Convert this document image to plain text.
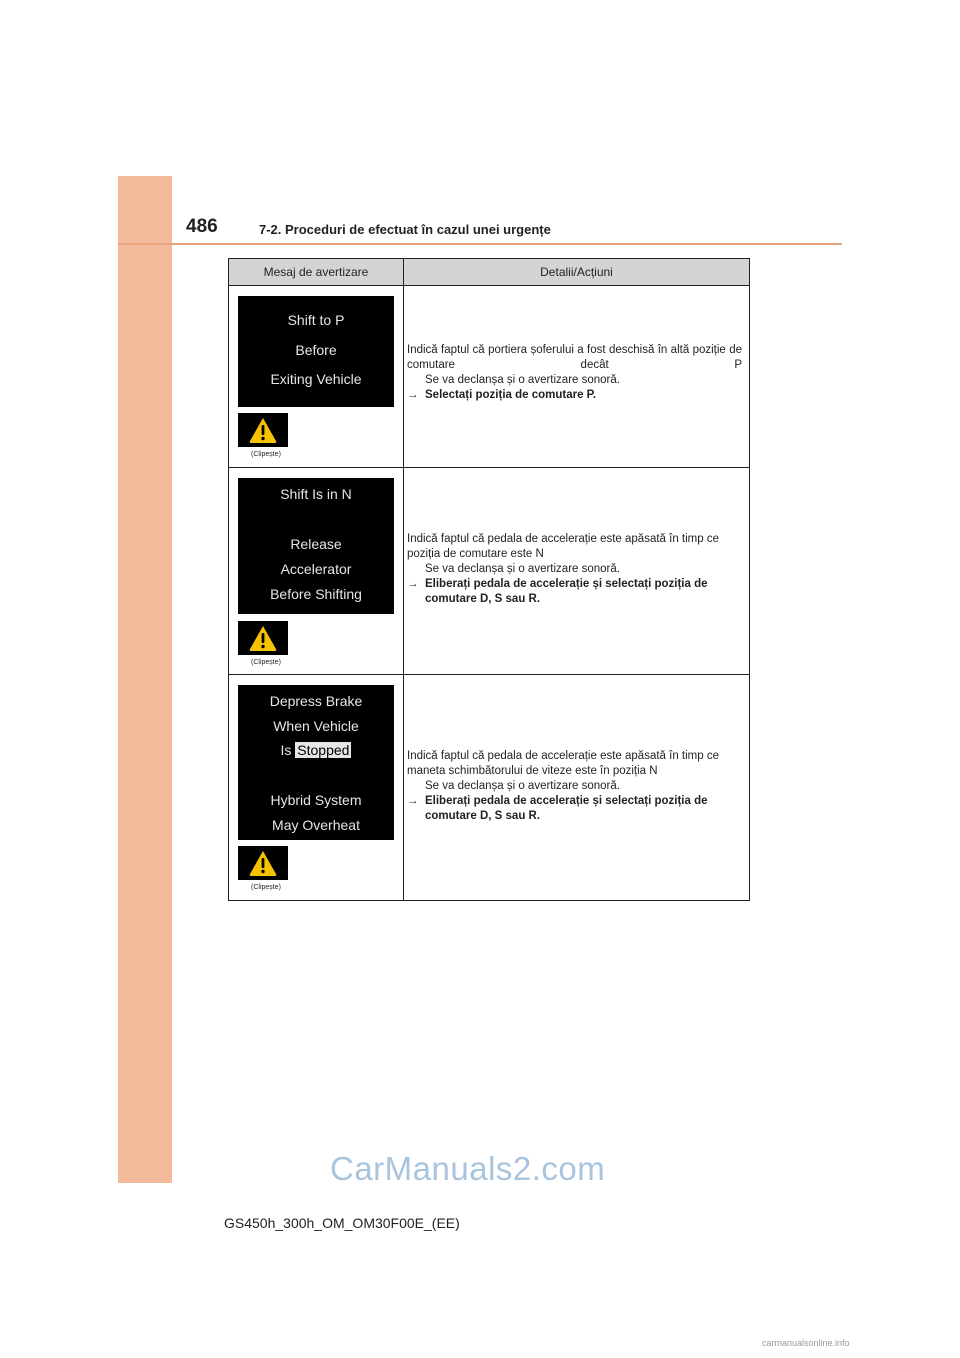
486	7-2. Proceduri de efectuat în cazul unei urgențe
Mesaj de avertizare	Detalii/Acțiuni
Shift to P
Before
Exiting Vehicle
(Clipește)

Indică faptul că portiera șoferului a fost deschisă în altă poziție de comutare decât P

Se va declanșa și o avertizare sonoră.

→ Selectați poziția de comutare P.

Shift Is in N
Release
Accelerator
Before Shifting
(Clipește)

Indică faptul că pedala de accelerație este apăsată în timp ce poziția de comutare este N

Se va declanșa și o avertizare sonoră.

→ Eliberați pedala de accelerație și selectați poziția de comutare D, S sau R.

Depress Brake
When Vehicle
Is Stopped
Hybrid System
May Overheat
(Clipește)

Indică faptul că pedala de accelerație este apăsată în timp ce maneta schimbătorului de viteze este în poziția N

Se va declanșa și o avertizare sonoră.

→ Eliberați pedala de accelerație și selectați poziția de comutare D, S sau R.

CarManuals2.com
GS450h_300h_OM_OM30F00E_(EE)
carmanualsonline.info
